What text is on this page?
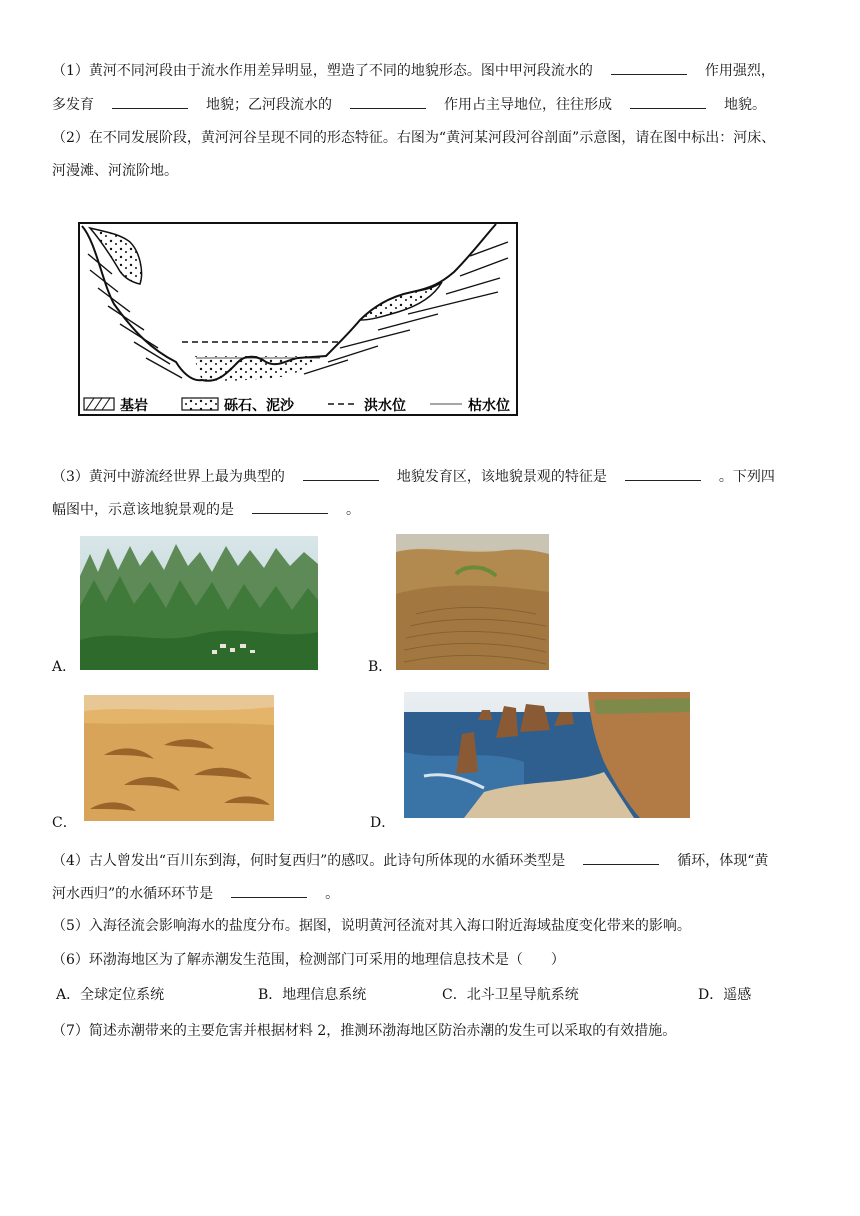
（1）黄河不同河段由于流水作用差异明显，塑造了不同的地貌形态。图中甲河段流水的	作用强烈，
多发育	地貌；乙河段流水的	作用占主导地位，往往形成	地貌。
（2）在不同发展阶段，黄河河谷呈现不同的形态特征。右图为“黄河某河段河谷剖面”示意图，请在图中标出：河床、
河漫滩、河流阶地。
基岩	砾石、泥沙	洪水位	枯水位
（3）黄河中游流经世界上最为典型的	地貌发育区，该地貌景观的特征是	。下列四
幅图中，示意该地貌景观的是	。
A．	B．
C．	D．
（4）古人曾发出“百川东到海，何时复西归”的感叹。此诗句所体现的水循环类型是	循环，体现“黄
河水西归”的水循环环节是	。
（5）入海径流会影响海水的盐度分布。据图，说明黄河径流对其入海口附近海域盐度变化带来的影响。
（6）环渤海地区为了解赤潮发生范围，检测部门可采用的地理信息技术是（　　）
A．全球定位系统	B．地理信息系统	C．北斗卫星导航系统	D．遥感
（7）简述赤潮带来的主要危害并根据材料 2，推测环渤海地区防治赤潮的发生可以采取的有效措施。
